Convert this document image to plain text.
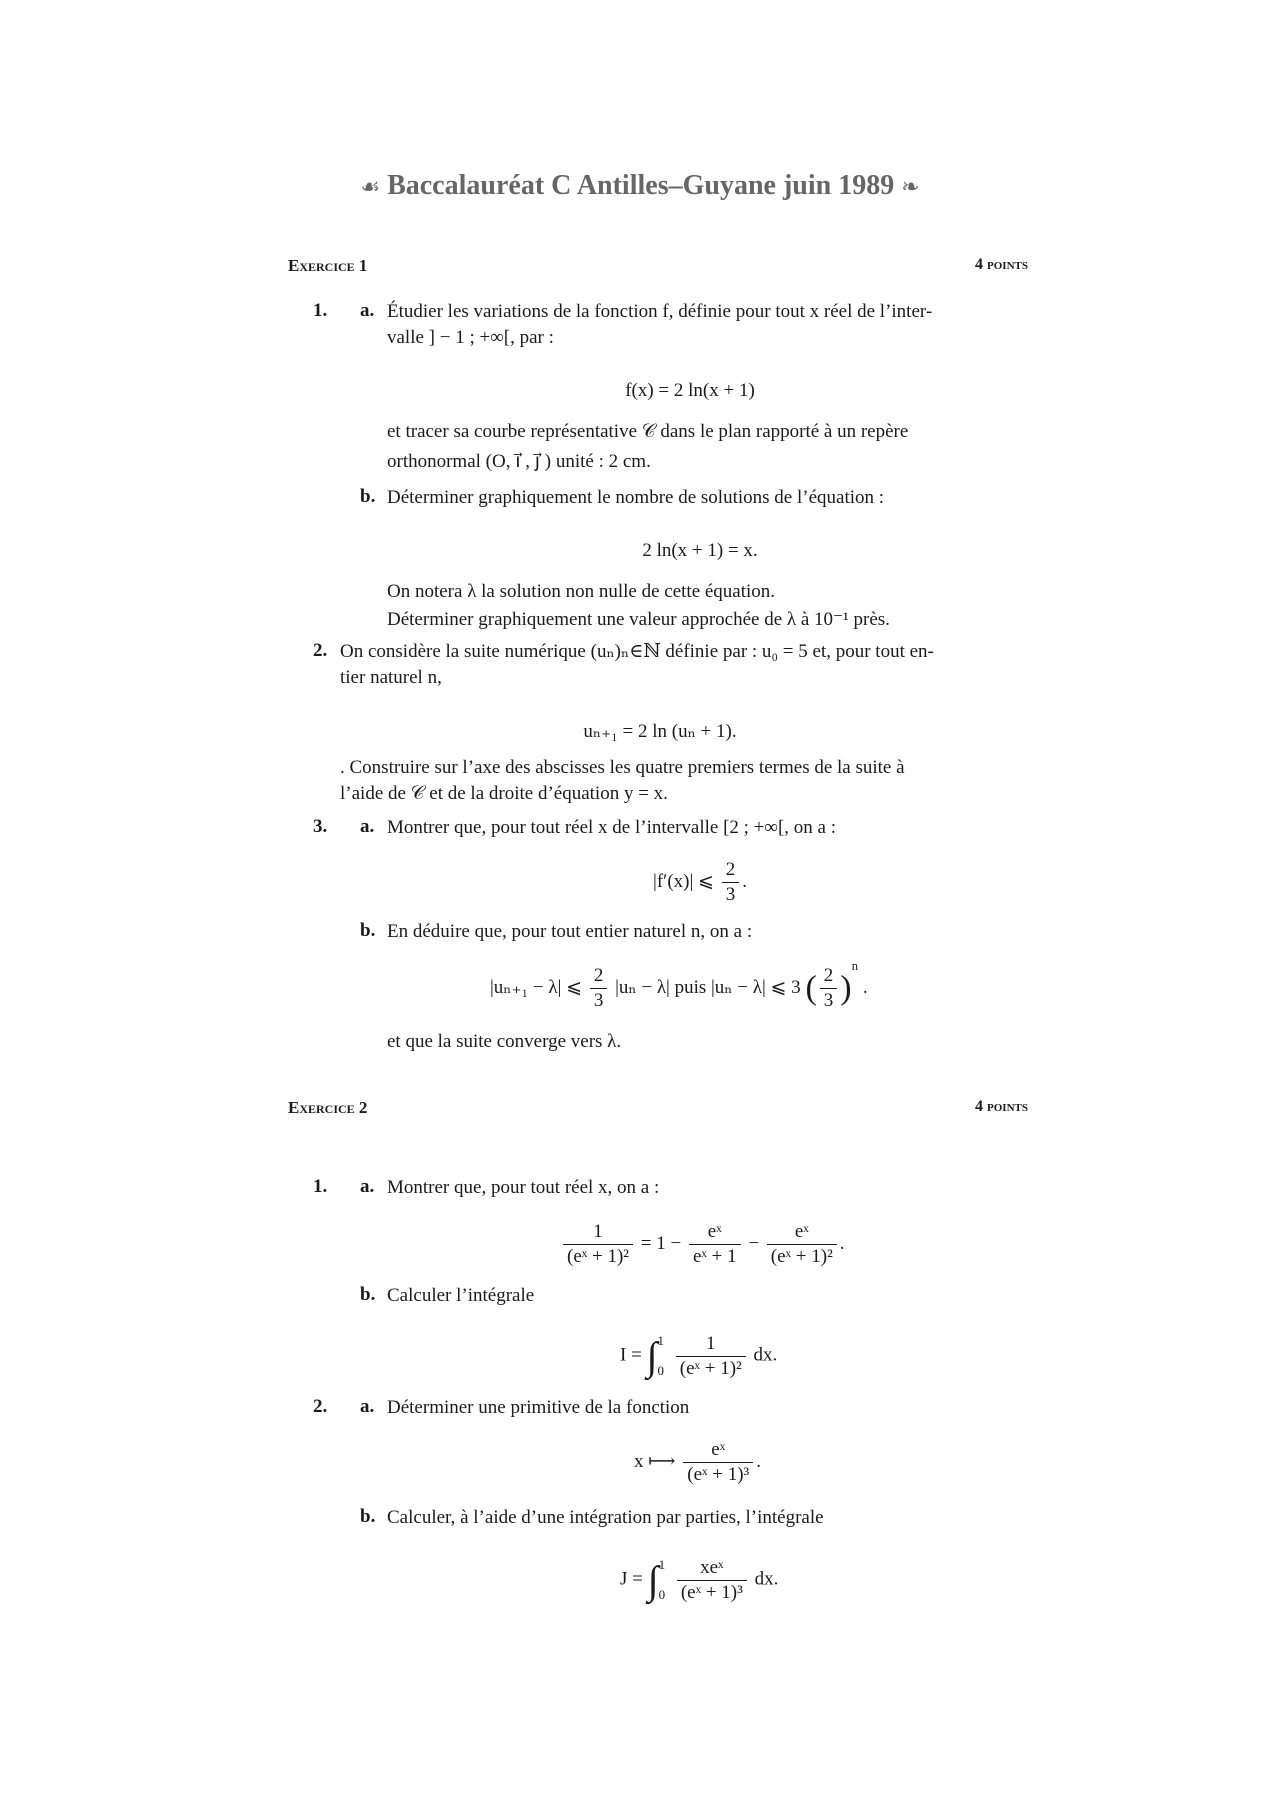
☙ Baccalauréat C Antilles–Guyane juin 1989 ❧
Exercice 1	4 points
1. a. Étudier les variations de la fonction f, définie pour tout x réel de l’inter-
valle ] − 1 ; +∞[, par :
f(x) = 2 ln(x + 1)
et tracer sa courbe représentative 𝒞 dans le plan rapporté à un repère
orthonormal (O, ı⃗ , ȷ⃗ ) unité : 2 cm.
b. Déterminer graphiquement le nombre de solutions de l’équation :
2 ln(x + 1) = x.
On notera λ la solution non nulle de cette équation.
Déterminer graphiquement une valeur approchée de λ à 10⁻¹ près.
2. On considère la suite numérique (uₙ)ₙ∈ℕ définie par : u₀ = 5 et, pour tout en-
tier naturel n,
uₙ₊₁ = 2 ln (uₙ + 1).
. Construire sur l’axe des abscisses les quatre premiers termes de la suite à
l’aide de 𝒞 et de la droite d’équation y = x.
3. a. Montrer que, pour tout réel x de l’intervalle [2 ; +∞[, on a :
|f′(x)| ⩽ $\frac{2}{3}$ .
b. En déduire que, pour tout entier naturel n, on a :
|uₙ₊₁ − λ| ⩽ $\frac{2}{3} |u_n - \lambda|$ puis |uₙ − λ| ⩽ 3 ( $\frac{2}{3} )^n$ .
et que la suite converge vers λ.
Exercice 2	4 points
1. a. Montrer que, pour tout réel x, on a :
$\frac{1}{\text{(eˣ + 1)²}} = 1 - \frac{\text{eˣ}}{\text{eˣ + 1}} - \frac{\text{eˣ}}{\text{(eˣ + 1)²}}$ .
b. Calculer l’intégrale
I = ∫ 1
0
$\frac{1}{\text{(eˣ + 1)²}}$ dx.
2. a. Déterminer une primitive de la fonction
x ⟼ $\frac{\text{eˣ}}{\text{(eˣ + 1)³}}$ .
b. Calculer, à l’aide d’une intégration par parties, l’intégrale
J = ∫ 1
0
$\frac{\text{xeˣ}}{\text{(eˣ + 1)³}}$ dx.
